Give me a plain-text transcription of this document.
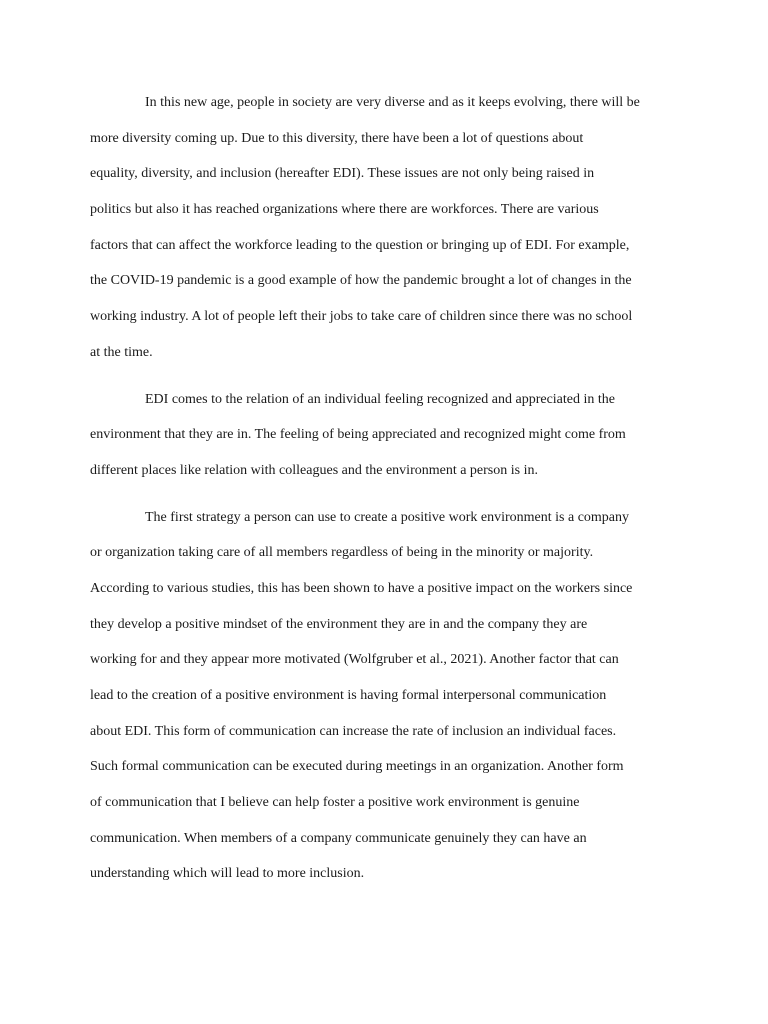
In this new age, people in society are very diverse and as it keeps evolving, there will be
more diversity coming up. Due to this diversity, there have been a lot of questions about
equality, diversity, and inclusion (hereafter EDI). These issues are not only being raised in
politics but also it has reached organizations where there are workforces. There are various
factors that can affect the workforce leading to the question or bringing up of EDI. For example,
the COVID-19 pandemic is a good example of how the pandemic brought a lot of changes in the
working industry. A lot of people left their jobs to take care of children since there was no school
at the time.
EDI comes to the relation of an individual feeling recognized and appreciated in the
environment that they are in. The feeling of being appreciated and recognized might come from
different places like relation with colleagues and the environment a person is in.
The first strategy a person can use to create a positive work environment is a company
or organization taking care of all members regardless of being in the minority or majority.
According to various studies, this has been shown to have a positive impact on the workers since
they develop a positive mindset of the environment they are in and the company they are
working for and they appear more motivated (Wolfgruber et al., 2021). Another factor that can
lead to the creation of a positive environment is having formal interpersonal communication
about EDI. This form of communication can increase the rate of inclusion an individual faces.
Such formal communication can be executed during meetings in an organization. Another form
of communication that I believe can help foster a positive work environment is genuine
communication. When members of a company communicate genuinely they can have an
understanding which will lead to more inclusion.
